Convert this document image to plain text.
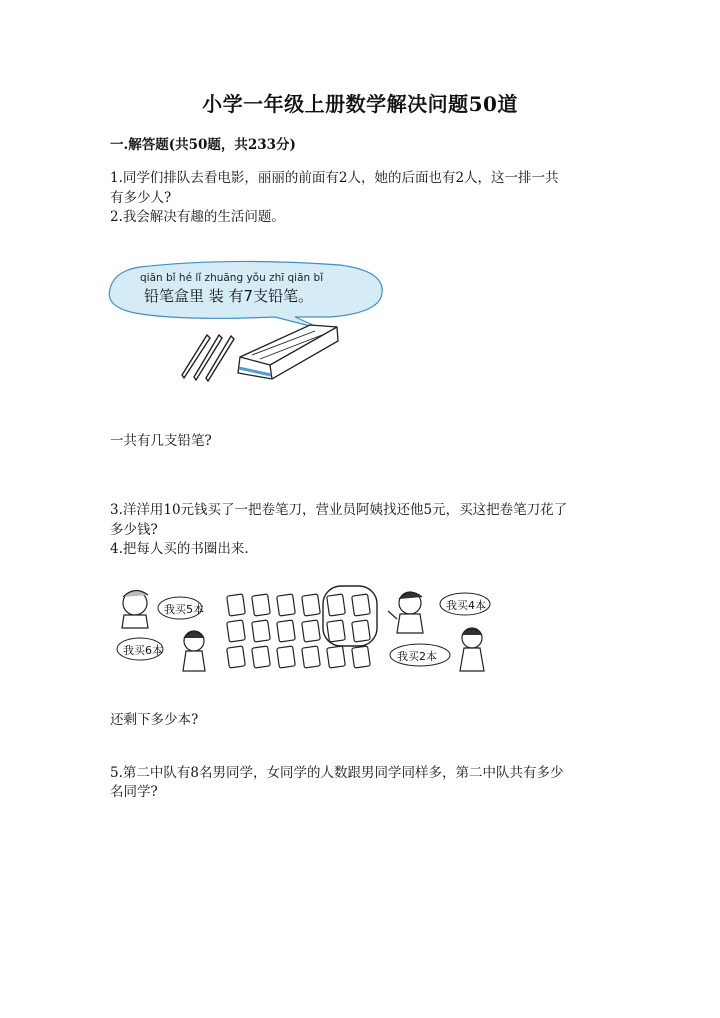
小学一年级上册数学解决问题50道
一.解答题(共50题，共233分)
1.同学们排队去看电影，丽丽的前面有2人，她的后面也有2人，这一排一共
有多少人?
2.我会解决有趣的生活问题。
qiān bǐ hé lǐ zhuāng yǒu zhī qiān bǐ
铅笔盒里 装 有7支铅笔。
一共有几支铅笔?
3.洋洋用10元钱买了一把卷笔刀，营业员阿姨找还他5元，买这把卷笔刀花了
多少钱?
4.把每人买的书圈出来.
我买5本
我买6本
我买4本
我买2本
还剩下多少本?
5.第二中队有8名男同学，女同学的人数跟男同学同样多，第二中队共有多少
名同学?
